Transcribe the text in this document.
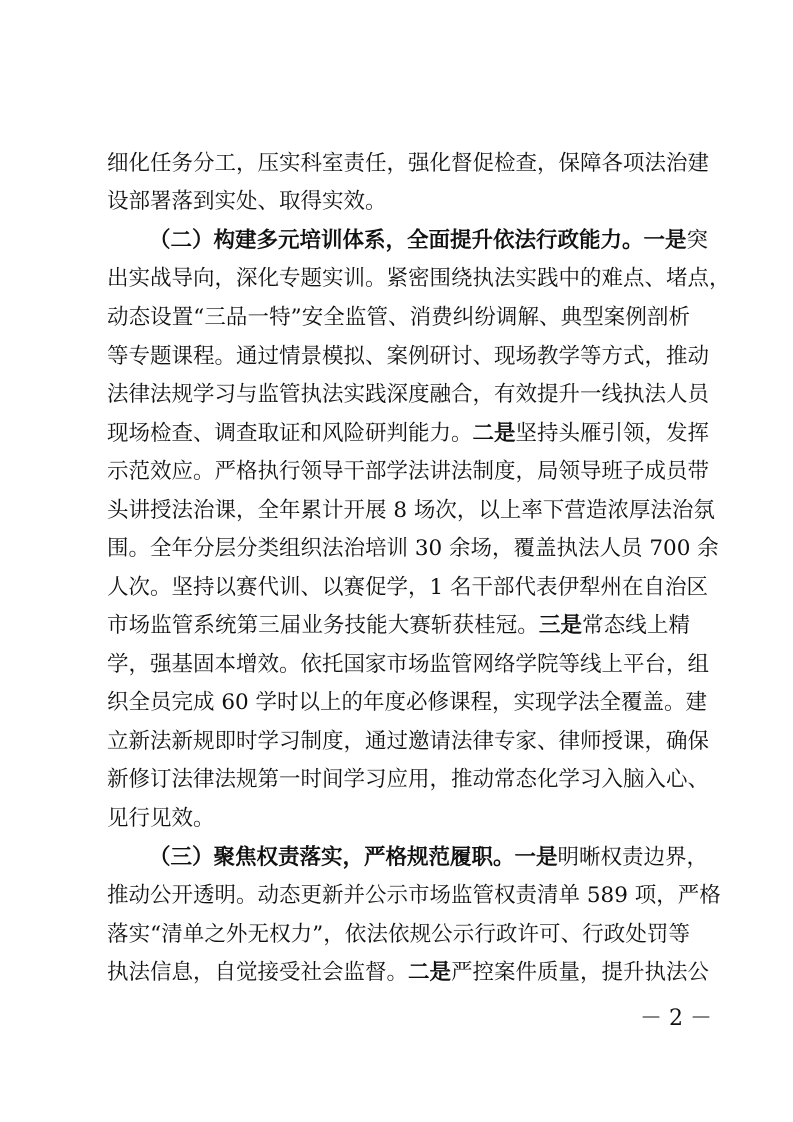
细化任务分工，压实科室责任，强化督促检查，保障各项法治建
设部署落到实处、取得实效。
（二）构建多元培训体系，全面提升依法行政能力。一是突
出实战导向，深化专题实训。紧密围绕执法实践中的难点、堵点，
动态设置“三品一特”安全监管、消费纠纷调解、典型案例剖析
等专题课程。通过情景模拟、案例研讨、现场教学等方式，推动
法律法规学习与监管执法实践深度融合，有效提升一线执法人员
现场检查、调查取证和风险研判能力。二是坚持头雁引领，发挥
示范效应。严格执行领导干部学法讲法制度，局领导班子成员带
头讲授法治课，全年累计开展 8 场次，以上率下营造浓厚法治氛
围。全年分层分类组织法治培训 30 余场，覆盖执法人员 700 余
人次。坚持以赛代训、以赛促学，1 名干部代表伊犁州在自治区
市场监管系统第三届业务技能大赛斩获桂冠。三是常态线上精
学，强基固本增效。依托国家市场监管网络学院等线上平台，组
织全员完成 60 学时以上的年度必修课程，实现学法全覆盖。建
立新法新规即时学习制度，通过邀请法律专家、律师授课，确保
新修订法律法规第一时间学习应用，推动常态化学习入脑入心、
见行见效。
（三）聚焦权责落实，严格规范履职。一是明晰权责边界，
推动公开透明。动态更新并公示市场监管权责清单 589 项，严格
落实“清单之外无权力”，依法依规公示行政许可、行政处罚等
执法信息，自觉接受社会监督。二是严控案件质量，提升执法公
－ 2 －
